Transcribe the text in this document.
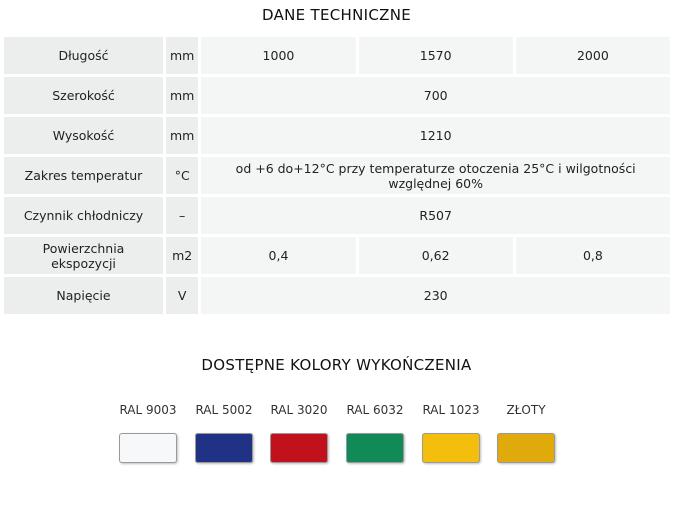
DANE TECHNICZNE
Długość	mm	1000	1570	2000
Szerokość	mm	700		
Wysokość	mm	1210		
Zakres temperatur	°C	od +6 do+12°C przy temperaturze otoczenia 25°C i wilgotności względnej 60%		
Czynnik chłodniczy	–	R507		
Powierzchnia ekspozycji	m2	0,4	0,62	0,8
Napięcie	V	230		
DOSTĘPNE KOLORY WYKOŃCZENIA
RAL 9003 RAL 5002 RAL 3020 RAL 6032 RAL 1023	ZŁOTY
